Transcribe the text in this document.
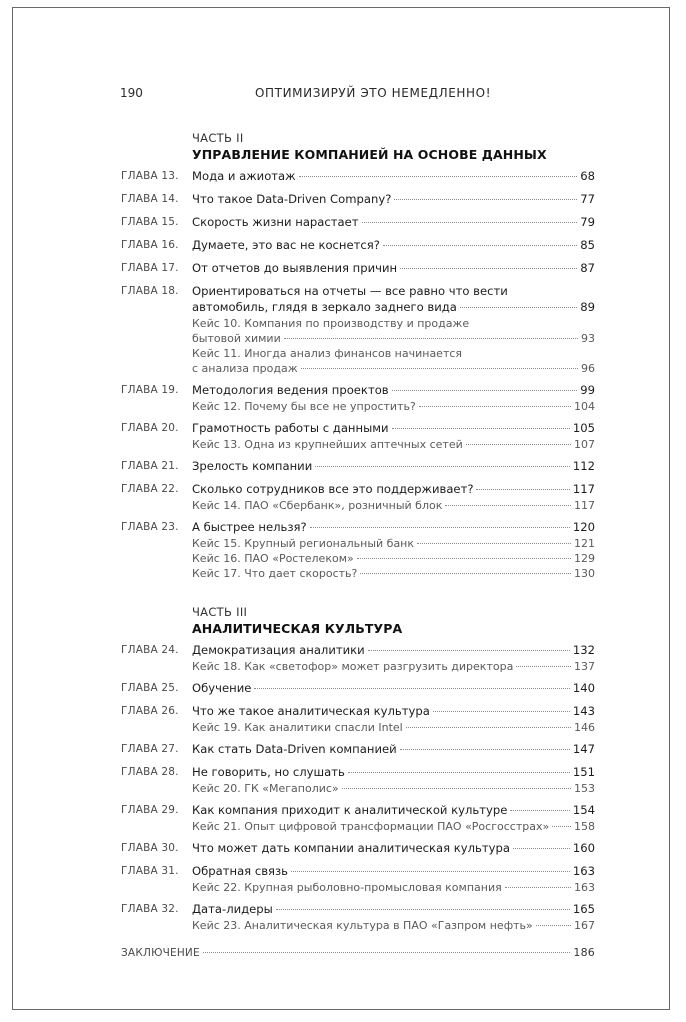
190	ОПТИМИЗИРУЙ ЭТО НЕМЕДЛЕННО!
ЧАСТЬ II
УПРАВЛЕНИЕ КОМПАНИЕЙ НА ОСНОВЕ ДАННЫХ
ГЛАВА 13.	Мода и ажиотаж	68
ГЛАВА 14.	Что такое Data-Driven Company?	77
ГЛАВА 15.	Скорость жизни нарастает	79
ГЛАВА 16.	Думаете, это вас не коснется?	85
ГЛАВА 17.	От отчетов до выявления причин	87
ГЛАВА 18.	Ориентироваться на отчеты — все равно что вести
автомобиль, глядя в зеркало заднего вида	89
Кейс 10. Компания по производству и продаже
бытовой химии	93
Кейс 11. Иногда анализ финансов начинается
с анализа продаж	96
ГЛАВА 19.	Методология ведения проектов	99
Кейс 12. Почему бы все не упростить?	104
ГЛАВА 20.	Грамотность работы с данными	105
Кейс 13. Одна из крупнейших аптечных сетей	107
ГЛАВА 21.	Зрелость компании	112
ГЛАВА 22.	Сколько сотрудников все это поддерживает?	117
Кейс 14. ПАО «Сбербанк», розничный блок	117
ГЛАВА 23.	А быстрее нельзя?	120
Кейс 15. Крупный региональный банк	121
Кейс 16. ПАО «Ростелеком»	129
Кейс 17. Что дает скорость?	130
ЧАСТЬ III
АНАЛИТИЧЕСКАЯ КУЛЬТУРА
ГЛАВА 24.	Демократизация аналитики	132
Кейс 18. Как «светофор» может разгрузить директора	137
ГЛАВА 25.	Обучение	140
ГЛАВА 26.	Что же такое аналитическая культура	143
Кейс 19. Как аналитики спасли Intel	146
ГЛАВА 27.	Как стать Data-Driven компанией	147
ГЛАВА 28.	Не говорить, но слушать	151
Кейс 20. ГК «Мегаполис»	153
ГЛАВА 29.	Как компания приходит к аналитической культуре	154
Кейс 21. Опыт цифровой трансформации ПАО «Росгосстрах» 158
ГЛАВА 30.	Что может дать компании аналитическая культура	160
ГЛАВА 31.	Обратная связь	163
Кейс 22. Крупная рыболовно-промысловая компания	163
ГЛАВА 32.	Дата-лидеры	165
Кейс 23. Аналитическая культура в ПАО «Газпром нефть»	167
ЗАКЛЮЧЕНИЕ	186
